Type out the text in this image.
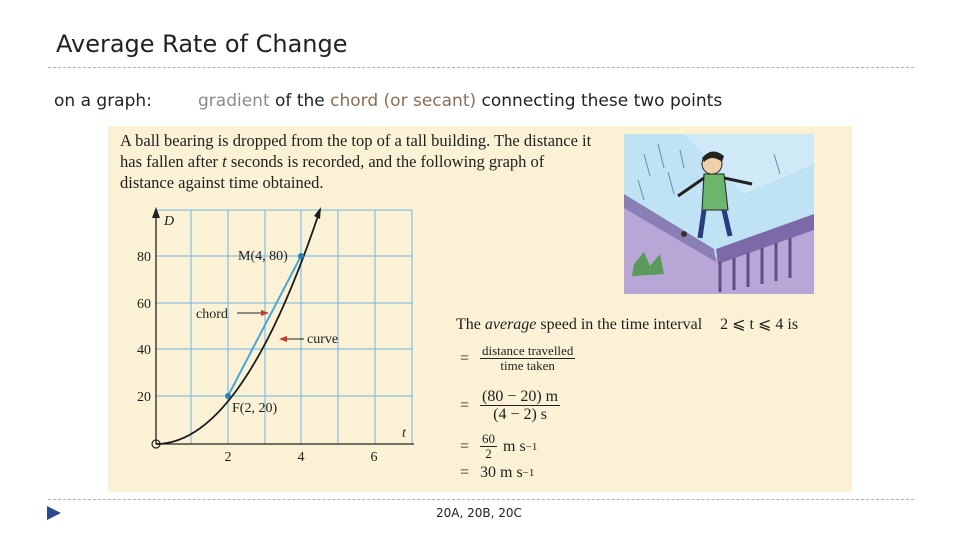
Average Rate of Change
on a graph:	gradient of the chord (or secant) connecting these two points

A ball bearing is dropped from the top of a tall building. The distance it has fallen after t seconds is recorded, and the following graph of distance against time obtained.

D
t
80
60
40
20
2	4	6
M(4, 80)
F(2, 20)
chord
curve
The average speed in the time interval 2 ⩽ t ⩽ 4 is
= $\frac{\text{distance travelled}}{\text{time taken}}$
= $\frac{(80 - 20) m}{(4 - 2) s}$
= $\frac{60}{2}$ m s −1
= 30 m s −1
20A, 20B, 20C
